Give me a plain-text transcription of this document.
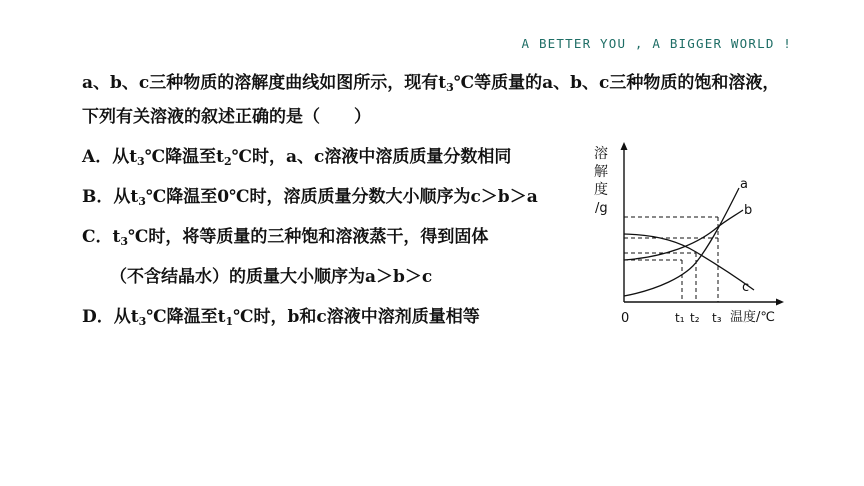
A BETTER YOU , A BIGGER WORLD !
a、b、c三种物质的溶解度曲线如图所示，现有$t_3℃$等质量的a、b、c三种物质的饱和溶液，
下列有关溶液的叙述正确的是（　　）
A．从$t_3℃$降温至$t_2℃$时，a、c溶液中溶质质量分数相同
B．从$t_3℃$降温至0℃时，溶质质量分数大小顺序为c＞b＞a
C．$t_3℃$时，将等质量的三种饱和溶液蒸干，得到固体
（不含结晶水）的质量大小顺序为a＞b＞c
D．从$t_3℃$降温至$t_1℃$时，b和c溶液中溶剂质量相等
溶
解
度
/g
a
b
c
0	t₁ t₂ t₃ 温度/℃
